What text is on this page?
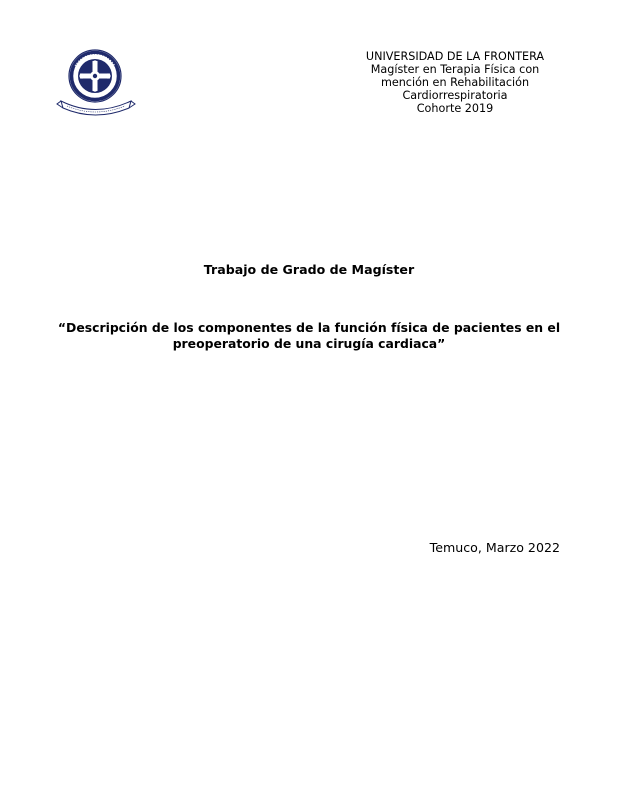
UNIVERSIDAD DE LA FRONTERA
Magíster en Terapia Física con
mención en Rehabilitación
Cardiorrespiratoria
Cohorte 2019
Trabajo de Grado de Magíster
“Descripción de los componentes de la función física de pacientes en el
preoperatorio de una cirugía cardiaca”
Temuco, Marzo 2022
